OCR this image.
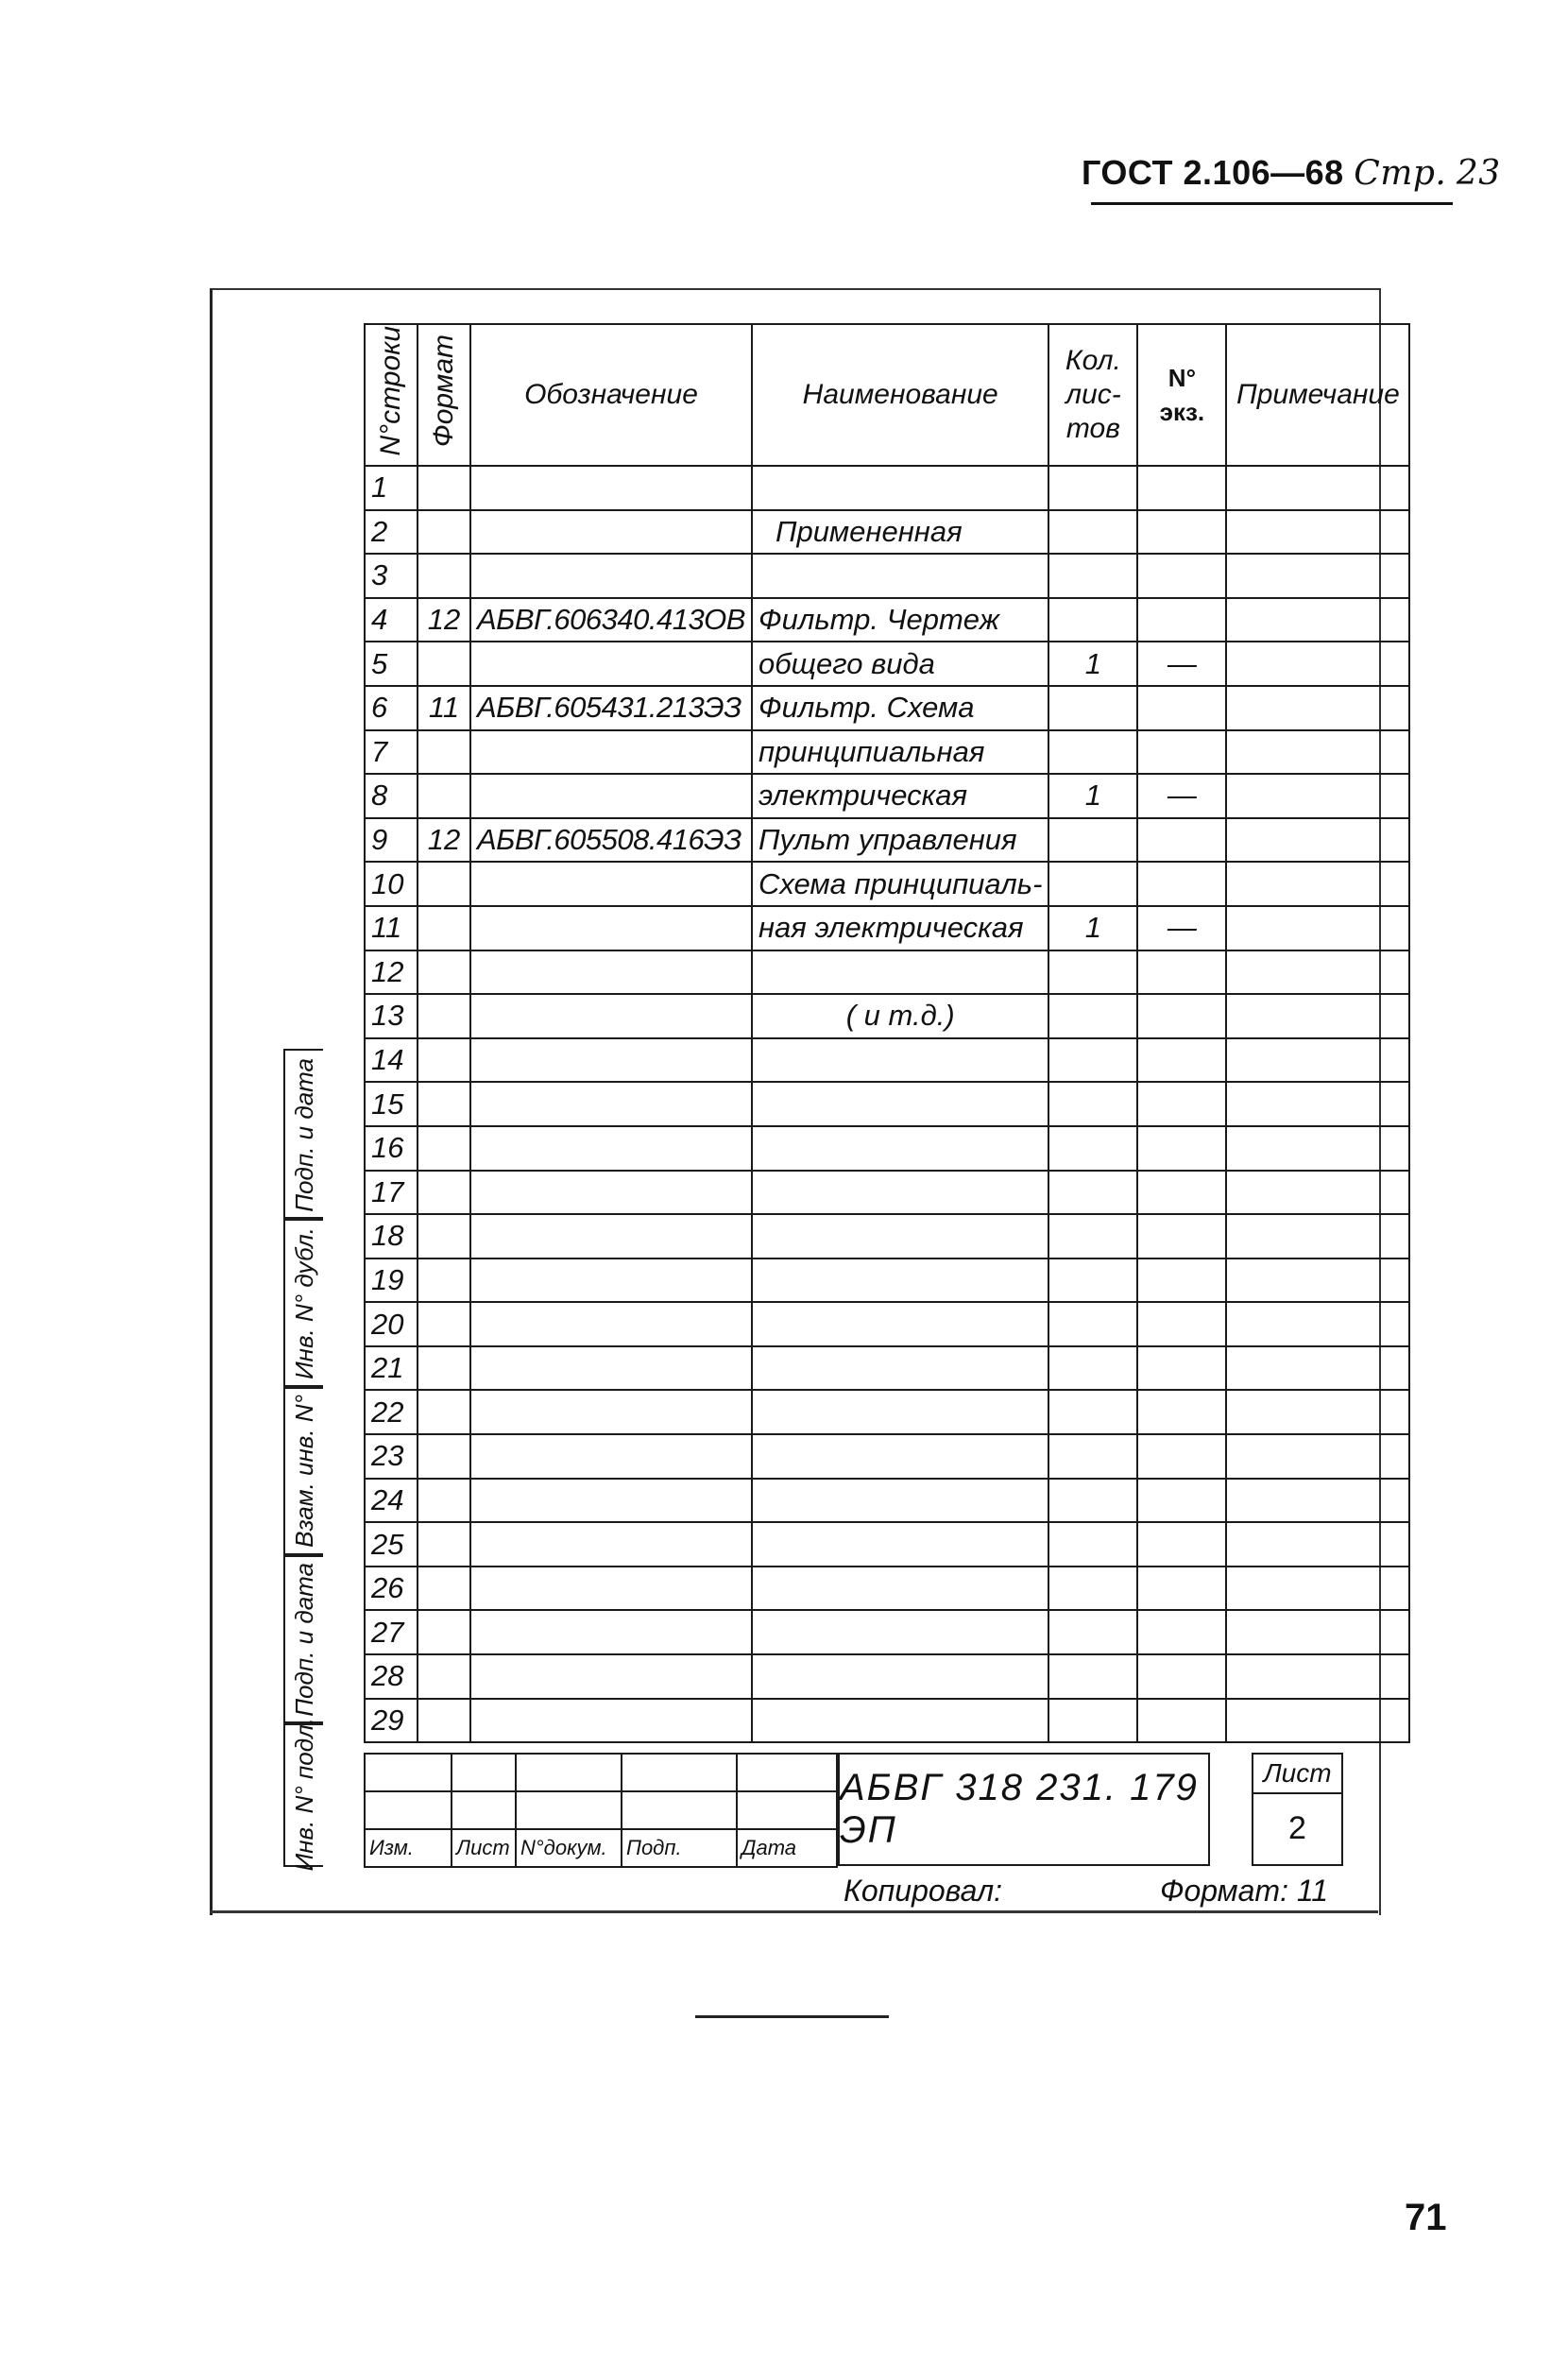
ГОСТ 2.106—68 Стр. 23
N°строки	Формат	Обозначение	Наименование	Кол. лис- тов	N° экз.	Примечание
1						
2			Примененная			
3						
4	12	АБВГ.606340.413ОВ	Фильтр. Чертеж			
5			общего вида	1	—	
6	11	АБВГ.605431.213ЭЗ	Фильтр. Схема			
7			принципиальная			
8			электрическая	1	—	
9	12	АБВГ.605508.416ЭЗ	Пульт управления			
10			Схема принципиаль-			
11			ная электрическая	1	—	
12						
13			( и т.д.)			
14						
15						
16						
17						
18						
19						
20						
21						
22						
23						
24						
25						
26						
27						
28						
29						
Подп. и дата
Инв. N° дубл.
Взам. инв. N°
Подп. и дата
Инв. N° подл.

				Изм.	Лист	N°докум.	Подп.	Дата
АБВГ 318 231. 179 ЭП
Лист
2
Копировал:	Формат: 11
71
